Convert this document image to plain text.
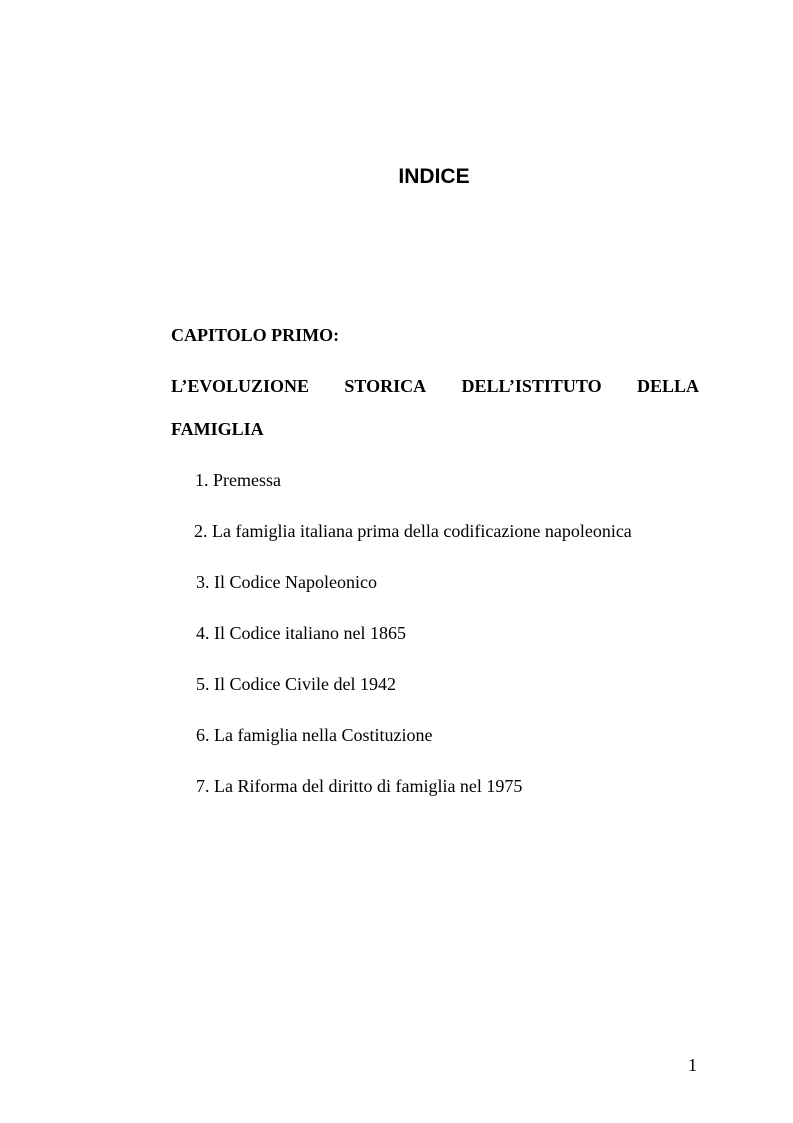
INDICE
CAPITOLO PRIMO:
L’EVOLUZIONE STORICA DELL’ISTITUTO DELLA
FAMIGLIA
1. Premessa
2. La famiglia italiana prima della codificazione napoleonica
3. Il Codice Napoleonico
4. Il Codice italiano nel 1865
5. Il Codice Civile del 1942
6. La famiglia nella Costituzione
7. La Riforma del diritto di famiglia nel 1975
1
